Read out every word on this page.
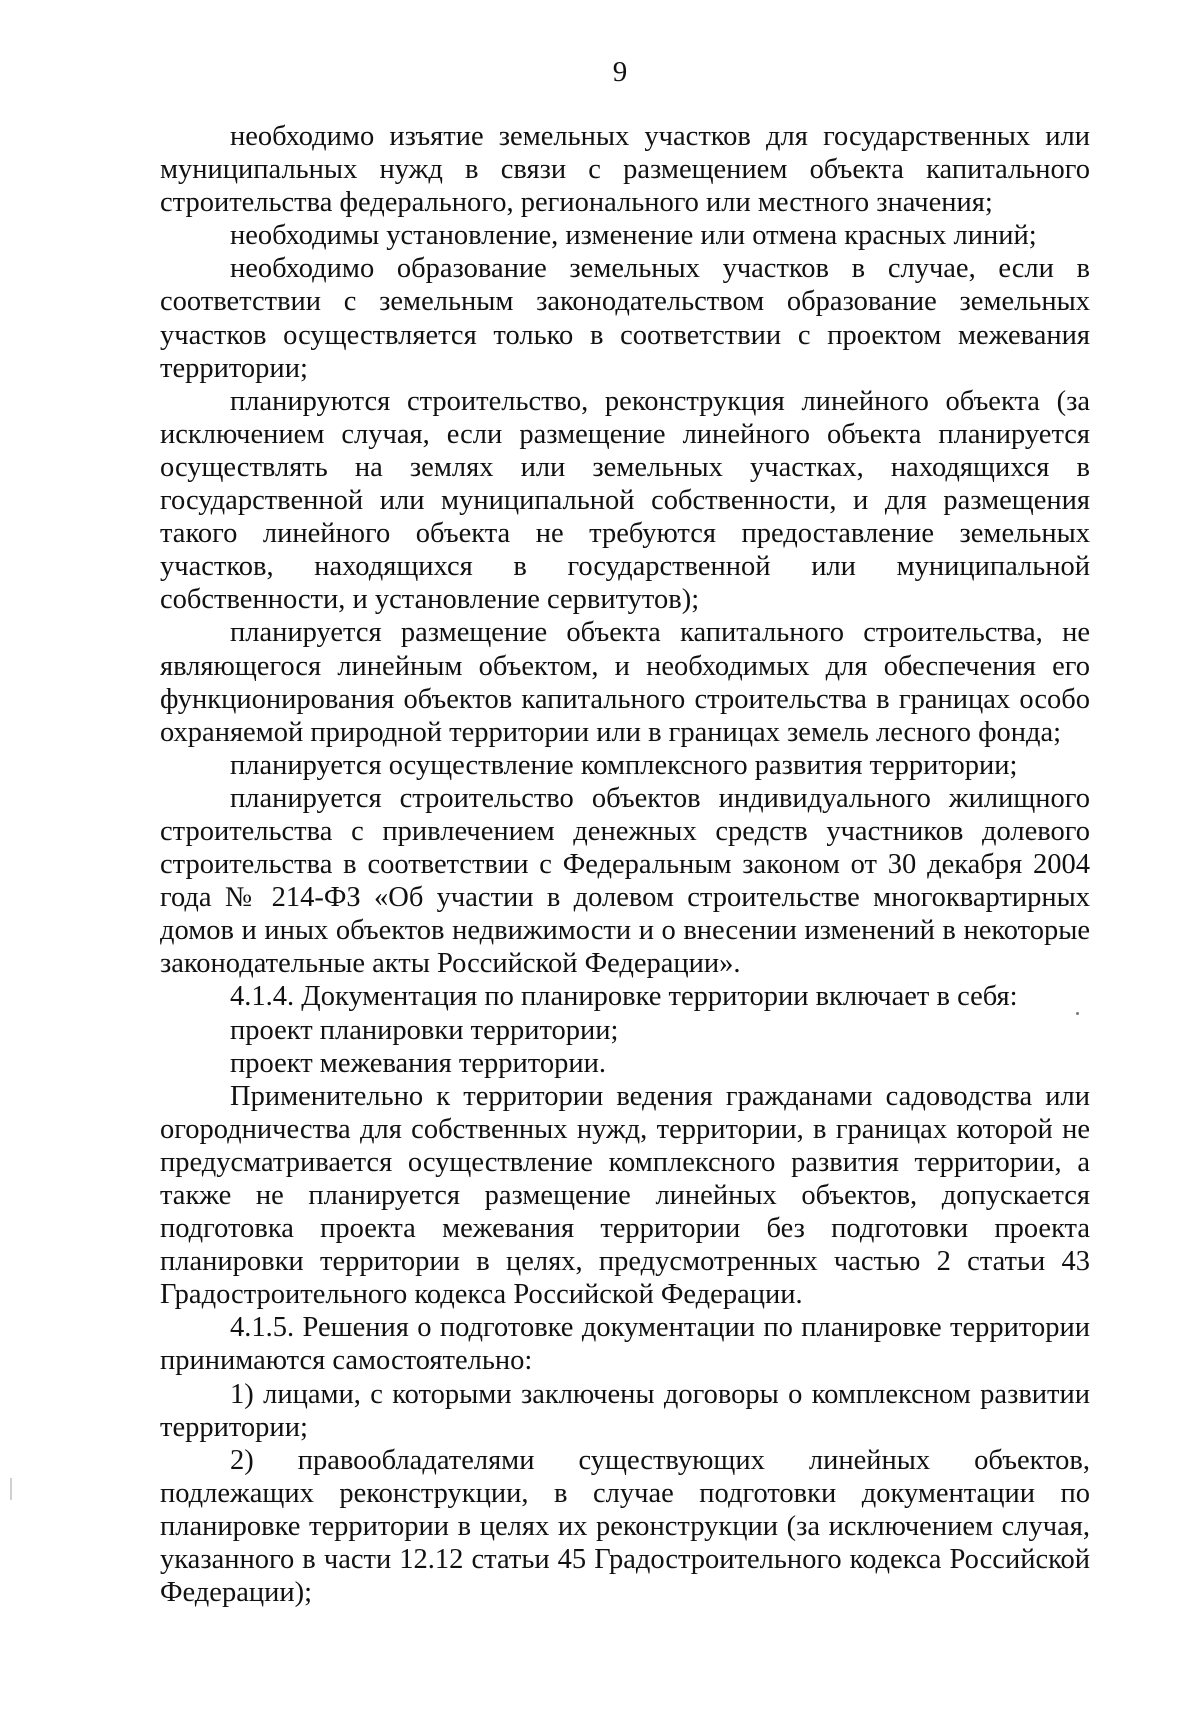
9

необходимо изъятие земельных участков для государственных или муниципальных нужд в связи с размещением объекта капитального строительства федерального, регионального или местного значения;

необходимы установление, изменение или отмена красных линий;

необходимо образование земельных участков в случае, если в соответствии с земельным законодательством образование земельных участков осуществляется только в соответствии с проектом межевания территории;

планируются строительство, реконструкция линейного объекта (за исключением случая, если размещение линейного объекта планируется осуществлять на землях или земельных участках, находящихся в государственной или муниципальной собственности, и для размещения такого линейного объекта не требуются предоставление земельных участков, находящихся в государственной или муниципальной собственности, и установление сервитутов);

планируется размещение объекта капитального строительства, не являющегося линейным объектом, и необходимых для обеспечения его функционирования объектов капитального строительства в границах особо охраняемой природной территории или в границах земель лесного фонда;

планируется осуществление комплексного развития территории;

планируется строительство объектов индивидуального жилищного строительства с привлечением денежных средств участников долевого строительства в соответствии с Федеральным законом от 30 декабря 2004 года № 214-ФЗ «Об участии в долевом строительстве многоквартирных домов и иных объектов недвижимости и о внесении изменений в некоторые законодательные акты Российской Федерации».

4.1.4. Документация по планировке территории включает в себя:

проект планировки территории;

проект межевания территории.

Применительно к территории ведения гражданами садоводства или огородничества для собственных нужд, территории, в границах которой не предусматривается осуществление комплексного развития территории, а также не планируется размещение линейных объектов, допускается подготовка проекта межевания территории без подготовки проекта планировки территории в целях, предусмотренных частью 2 статьи 43 Градостроительного кодекса Российской Федерации.

4.1.5. Решения о подготовке документации по планировке территории принимаются самостоятельно:

1) лицами, с которыми заключены договоры о комплексном развитии территории;

2) правообладателями существующих линейных объектов, подлежащих реконструкции, в случае подготовки документации по планировке территории в целях их реконструкции (за исключением случая, указанного в части 12.12 статьи 45 Градостроительного кодекса Российской Федерации);
